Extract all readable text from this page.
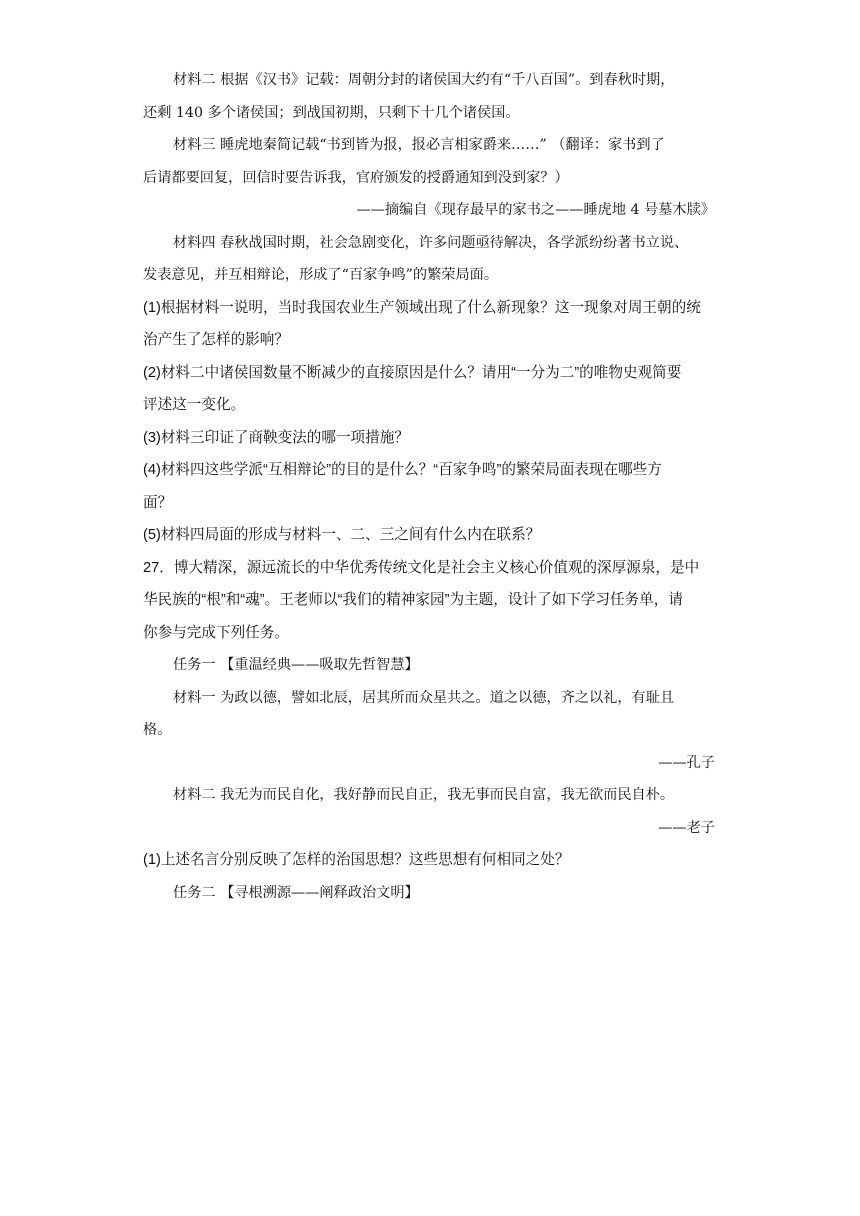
材料二 根据《汉书》记载：周朝分封的诸侯国大约有“千八百国”。到春秋时期，
还剩 140 多个诸侯国；到战国初期，只剩下十几个诸侯国。
材料三 睡虎地秦简记载“书到皆为报，报必言相家爵来……” （翻译：家书到了
后请都要回复，回信时要告诉我，官府颁发的授爵通知到没到家？）
——摘编自《现存最早的家书之——睡虎地 4 号墓木牍》
材料四 春秋战国时期，社会急剧变化，许多问题亟待解决，各学派纷纷著书立说、
发表意见，并互相辩论，形成了“百家争鸣”的繁荣局面。
(1)根据材料一说明，当时我国农业生产领域出现了什么新现象？这一现象对周王朝的统
治产生了怎样的影响？
(2)材料二中诸侯国数量不断减少的直接原因是什么？请用“一分为二”的唯物史观简要
评述这一变化。
(3)材料三印证了商鞅变法的哪一项措施？
(4)材料四这些学派“互相辩论”的目的是什么？“百家争鸣”的繁荣局面表现在哪些方
面？
(5)材料四局面的形成与材料一、二、三之间有什么内在联系？
27．博大精深，源远流长的中华优秀传统文化是社会主义核心价值观的深厚源泉，是中
华民族的“根”和“魂”。王老师以“我们的精神家园”为主题，设计了如下学习任务单，请
你参与完成下列任务。
任务一 【重温经典——吸取先哲智慧】
材料一 为政以德，譬如北辰，居其所而众星共之。道之以德，齐之以礼，有耻且
格。
——孔子
材料二 我无为而民自化，我好静而民自正，我无事而民自富，我无欲而民自朴。
——老子
(1)上述名言分别反映了怎样的治国思想？这些思想有何相同之处？
任务二 【寻根溯源——阐释政治文明】
